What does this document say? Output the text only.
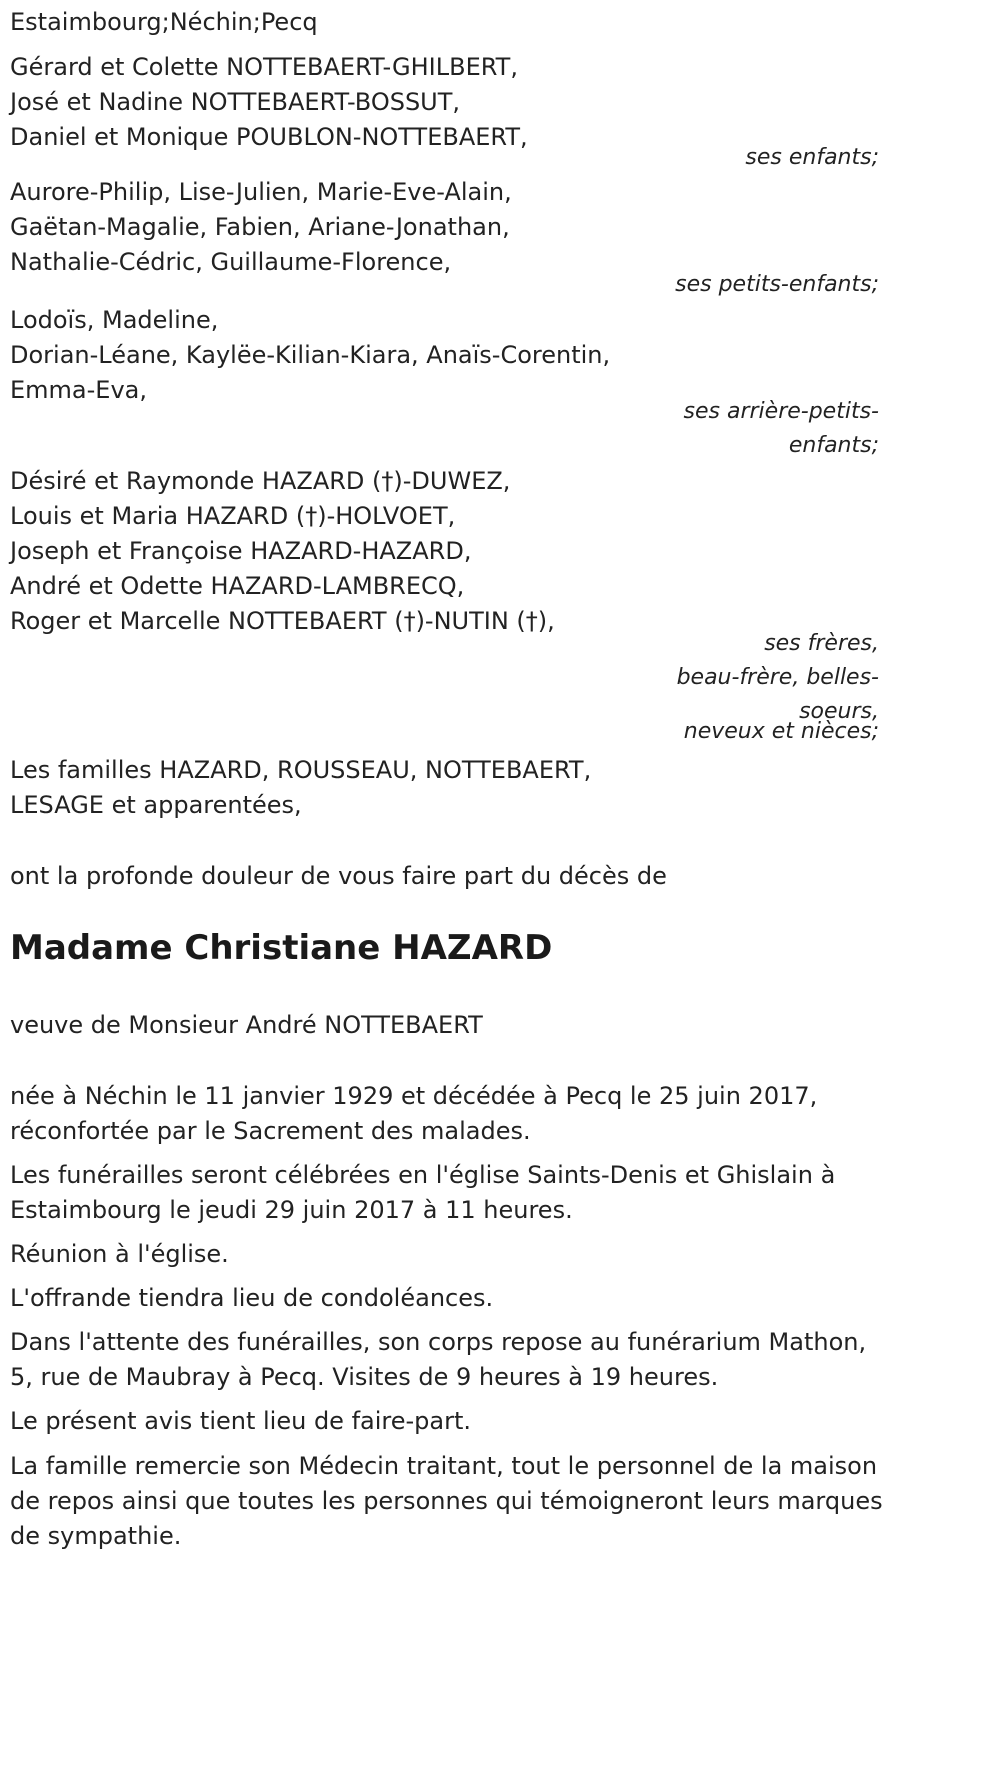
Estaimbourg;Néchin;Pecq
Gérard et Colette NOTTEBAERT-GHILBERT,
José et Nadine NOTTEBAERT-BOSSUT,
Daniel et Monique POUBLON-NOTTEBAERT,
ses enfants;
Aurore-Philip, Lise-Julien, Marie-Eve-Alain,
Gaëtan-Magalie, Fabien, Ariane-Jonathan,
Nathalie-Cédric, Guillaume-Florence,
ses petits-enfants;
Lodoïs, Madeline,
Dorian-Léane, Kaylëe-Kilian-Kiara, Anaïs-Corentin,
Emma-Eva,
ses arrière-petits-
enfants;
Désiré et Raymonde HAZARD (†)-DUWEZ,
Louis et Maria HAZARD (†)-HOLVOET,
Joseph et Françoise HAZARD-HAZARD,
André et Odette HAZARD-LAMBRECQ,
Roger et Marcelle NOTTEBAERT (†)-NUTIN (†),
ses frères,
beau-frère, belles-
soeurs,
neveux et nièces;
Les familles HAZARD, ROUSSEAU, NOTTEBAERT,
LESAGE et apparentées,
ont la profonde douleur de vous faire part du décès de
Madame Christiane HAZARD
veuve de Monsieur André NOTTEBAERT
née à Néchin le 11 janvier 1929 et décédée à Pecq le 25 juin 2017,
réconfortée par le Sacrement des malades.
Les funérailles seront célébrées en l'église Saints-Denis et Ghislain à
Estaimbourg le jeudi 29 juin 2017 à 11 heures.
Réunion à l'église.
L'offrande tiendra lieu de condoléances.
Dans l'attente des funérailles, son corps repose au funérarium Mathon,
5, rue de Maubray à Pecq. Visites de 9 heures à 19 heures.
Le présent avis tient lieu de faire-part.
La famille remercie son Médecin traitant, tout le personnel de la maison
de repos ainsi que toutes les personnes qui témoigneront leurs marques
de sympathie.
